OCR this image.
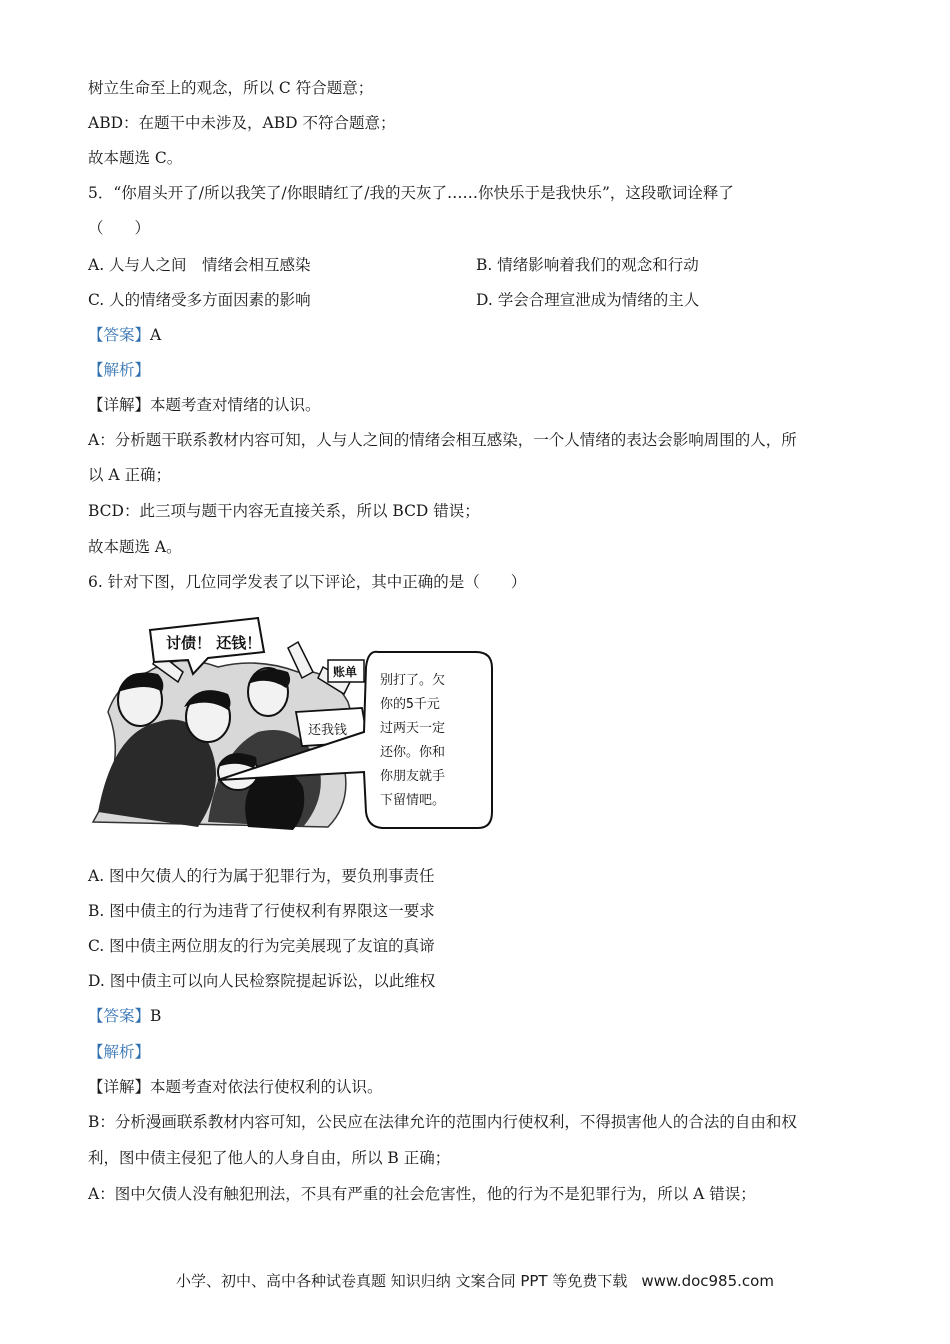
树立生命至上的观念，所以 C 符合题意；
ABD：在题干中未涉及，ABD 不符合题意；
故本题选 C。
5．“你眉头开了/所以我笑了/你眼睛红了/我的天灰了……你快乐于是我快乐”，这段歌词诠释了
（　　）
A. 人与人之间　情绪会相互感染	B. 情绪影响着我们的观念和行动
C. 人的情绪受多方面因素的影响	D. 学会合理宣泄成为情绪的主人
【答案】A
【解析】
【详解】本题考查对情绪的认识。
A：分析题干联系教材内容可知，人与人之间的情绪会相互感染，一个人情绪的表达会影响周围的人，所
以 A 正确；
BCD：此三项与题干内容无直接关系，所以 BCD 错误；
故本题选 A。
6. 针对下图，几位同学发表了以下评论，其中正确的是（　　）
讨债！ 还钱！
账单
还我钱
别打了。欠
你的5千元
过两天一定
还你。你和
你朋友就手
下留情吧。
A. 图中欠债人的行为属于犯罪行为，要负刑事责任
B. 图中债主的行为违背了行使权利有界限这一要求
C. 图中债主两位朋友的行为完美展现了友谊的真谛
D. 图中债主可以向人民检察院提起诉讼，以此维权
【答案】B
【解析】
【详解】本题考查对依法行使权利的认识。
B：分析漫画联系教材内容可知，公民应在法律允许的范围内行使权利，不得损害他人的合法的自由和权
利，图中债主侵犯了他人的人身自由，所以 B 正确；
A：图中欠债人没有触犯刑法，不具有严重的社会危害性，他的行为不是犯罪行为，所以 A 错误；
小学、初中、高中各种试卷真题 知识归纳 文案合同 PPT 等免费下载 www.doc985.com
